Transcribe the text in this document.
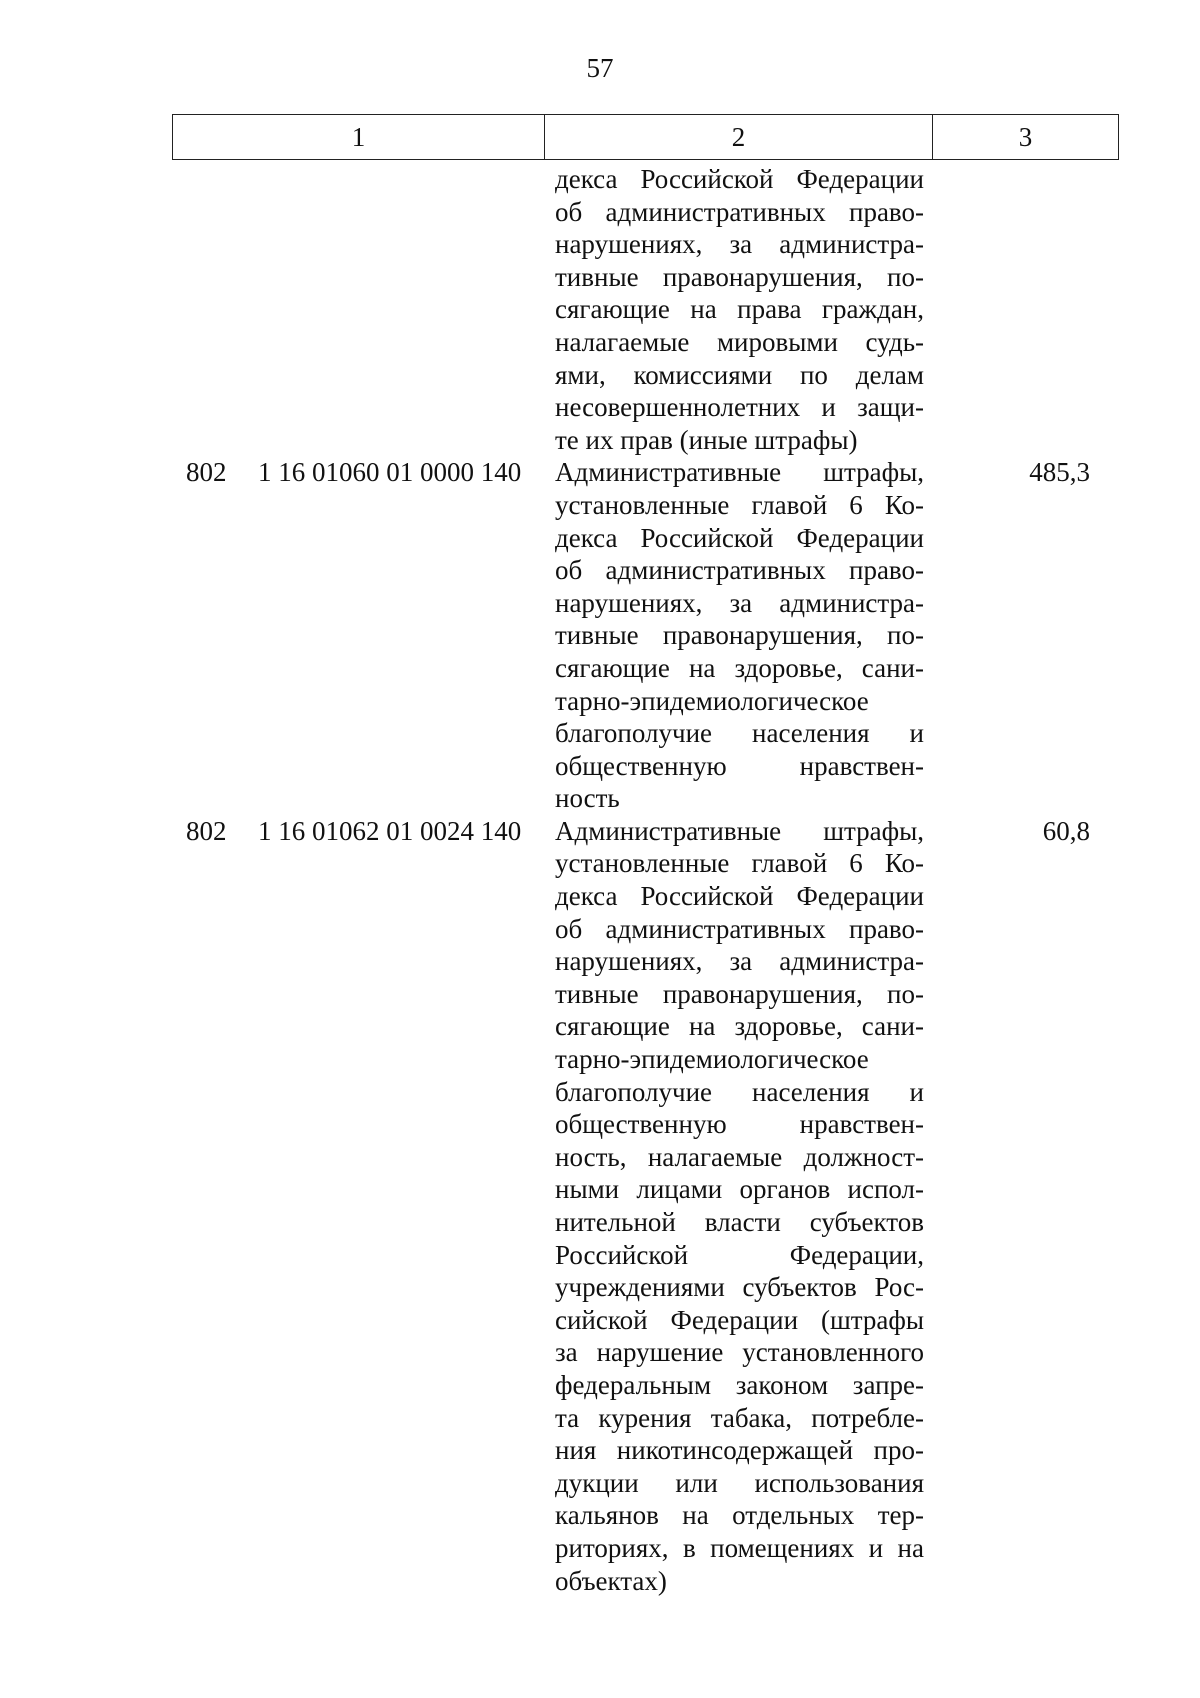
57
1	2	3
декса Российской Федерации
об административных право-
нарушениях, за администра-
тивные правонарушения, по-
сягающие на права граждан,
налагаемые мировыми судь-
ями, комиссиями по делам
несовершеннолетних и защи-
те их прав (иные штрафы)
802 1 16 01060 01 0000 140 Административные штрафы,
установленные главой 6 Ко-
декса Российской Федерации
об административных право-
нарушениях, за администра-
тивные правонарушения, по-
сягающие на здоровье, сани-
тарно-эпидемиологическое
благополучие населения и
общественную нравствен-
ность
485,3
802 1 16 01062 01 0024 140 Административные штрафы,
установленные главой 6 Ко-
декса Российской Федерации
об административных право-
нарушениях, за администра-
тивные правонарушения, по-
сягающие на здоровье, сани-
тарно-эпидемиологическое
благополучие населения и
общественную нравствен-
ность, налагаемые должност-
ными лицами органов испол-
нительной власти субъектов
Российской Федерации,
учреждениями субъектов Рос-
сийской Федерации (штрафы
за нарушение установленного
федеральным законом запре-
та курения табака, потребле-
ния никотинсодержащей про-
дукции или использования
кальянов на отдельных тер-
риториях, в помещениях и на
объектах)
60,8
